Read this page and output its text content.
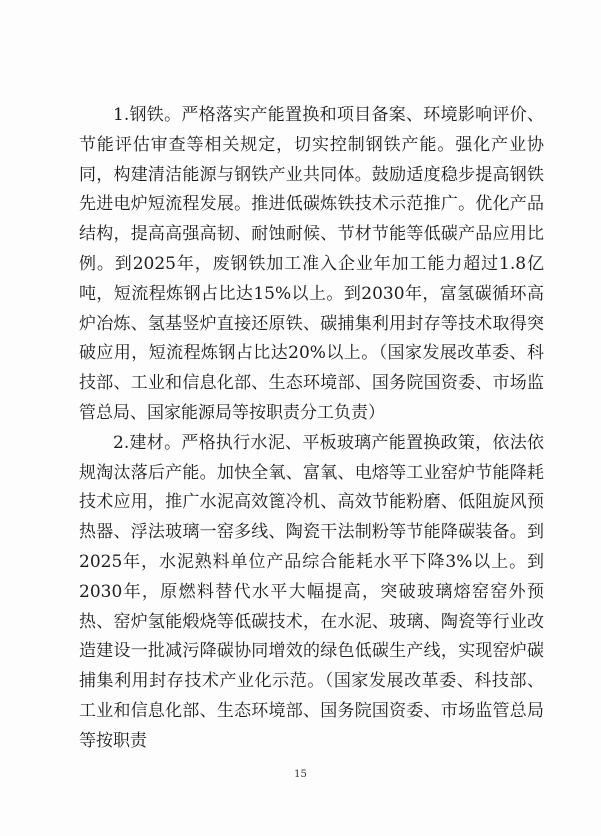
1.钢铁。严格落实产能置换和项目备案、环境影响评价、节能评估审查等相关规定，切实控制钢铁产能。强化产业协同，构建清洁能源与钢铁产业共同体。鼓励适度稳步提高钢铁先进电炉短流程发展。推进低碳炼铁技术示范推广。优化产品结构，提高高强高韧、耐蚀耐候、节材节能等低碳产品应用比例。到2025年，废钢铁加工准入企业年加工能力超过1.8亿吨，短流程炼钢占比达15%以上。到2030年，富氢碳循环高炉冶炼、氢基竖炉直接还原铁、碳捕集利用封存等技术取得突破应用，短流程炼钢占比达20%以上。（国家发展改革委、科技部、工业和信息化部、生态环境部、国务院国资委、市场监管总局、国家能源局等按职责分工负责）

2.建材。严格执行水泥、平板玻璃产能置换政策，依法依规淘汰落后产能。加快全氧、富氧、电熔等工业窑炉节能降耗技术应用，推广水泥高效篦冷机、高效节能粉磨、低阻旋风预热器、浮法玻璃一窑多线、陶瓷干法制粉等节能降碳装备。到2025年，水泥熟料单位产品综合能耗水平下降3%以上。到2030年，原燃料替代水平大幅提高，突破玻璃熔窑窑外预热、窑炉氢能煅烧等低碳技术，在水泥、玻璃、陶瓷等行业改造建设一批减污降碳协同增效的绿色低碳生产线，实现窑炉碳捕集利用封存技术产业化示范。（国家发展改革委、科技部、工业和信息化部、生态环境部、国务院国资委、市场监管总局等按职责

15
